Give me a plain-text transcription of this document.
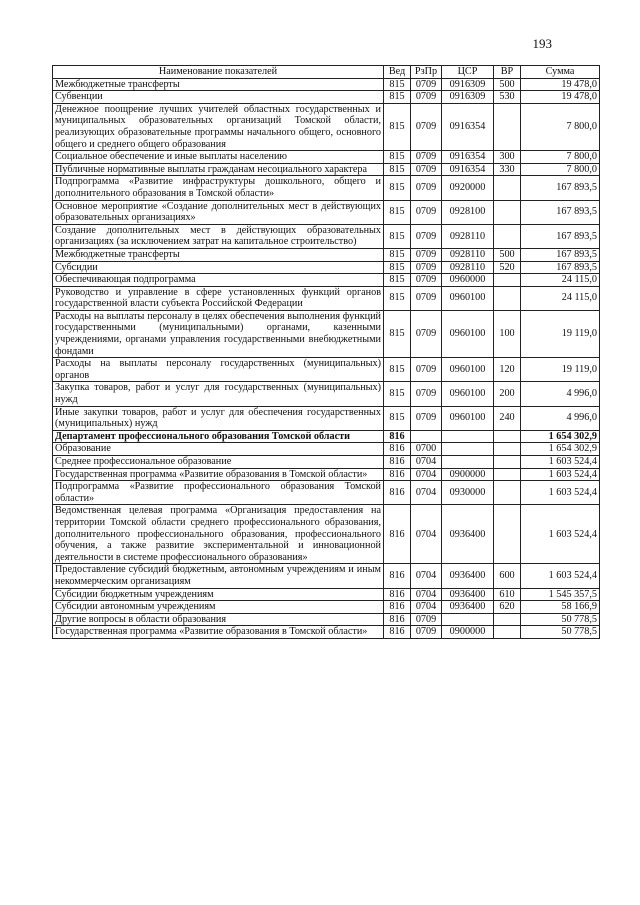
193
Наименование показателей	Вед	РзПр	ЦСР	ВР	Сумма
Межбюджетные трансферты	815	0709	0916309	500	19 478,0
Субвенции	815	0709	0916309	530	19 478,0
Денежное поощрение лучших учителей областных государственных и муниципальных образовательных организаций Томской области, реализующих образовательные программы начального общего, основного общего и среднего общего образования	815	0709	0916354		7 800,0
Социальное обеспечение и иные выплаты населению	815	0709	0916354	300	7 800,0
Публичные нормативные выплаты гражданам несоциального характера	815	0709	0916354	330	7 800,0
Подпрограмма «Развитие инфраструктуры дошкольного, общего и дополнительного образования в Томской области»	815	0709	0920000		167 893,5
Основное мероприятие «Создание дополнительных мест в действующих образовательных организациях»	815	0709	0928100		167 893,5
Создание дополнительных мест в действующих образовательных организациях (за исключением затрат на капитальное строительство)	815	0709	0928110		167 893,5
Межбюджетные трансферты	815	0709	0928110	500	167 893,5
Субсидии	815	0709	0928110	520	167 893,5
Обеспечивающая подпрограмма	815	0709	0960000		24 115,0
Руководство и управление в сфере установленных функций органов государственной власти субъекта Российской Федерации	815	0709	0960100		24 115,0
Расходы на выплаты персоналу в целях обеспечения выполнения функций государственными (муниципальными) органами, казенными учреждениями, органами управления государственными внебюджетными фондами	815	0709	0960100	100	19 119,0
Расходы на выплаты персоналу государственных (муниципальных) органов	815	0709	0960100	120	19 119,0
Закупка товаров, работ и услуг для государственных (муниципальных) нужд	815	0709	0960100	200	4 996,0
Иные закупки товаров, работ и услуг для обеспечения государственных (муниципальных) нужд	815	0709	0960100	240	4 996,0
Департамент профессионального образования Томской области	816				1 654 302,9
Образование	816	0700			1 654 302,9
Среднее профессиональное образование	816	0704			1 603 524,4
Государственная программа «Развитие образования в Томской области»	816	0704	0900000		1 603 524,4
Подпрограмма «Развитие профессионального образования Томской области»	816	0704	0930000		1 603 524,4
Ведомственная целевая программа «Организация предоставления на территории Томской области среднего профессионального образования, дополнительного профессионального образования, профессионального обучения, а также развитие экспериментальной и инновационной деятельности в системе профессионального образования»	816	0704	0936400		1 603 524,4
Предоставление субсидий бюджетным, автономным учреждениям и иным некоммерческим организациям	816	0704	0936400	600	1 603 524,4
Субсидии бюджетным учреждениям	816	0704	0936400	610	1 545 357,5
Субсидии автономным учреждениям	816	0704	0936400	620	58 166,9
Другие вопросы в области образования	816	0709			50 778,5
Государственная программа «Развитие образования в Томской области»	816	0709	0900000		50 778,5
